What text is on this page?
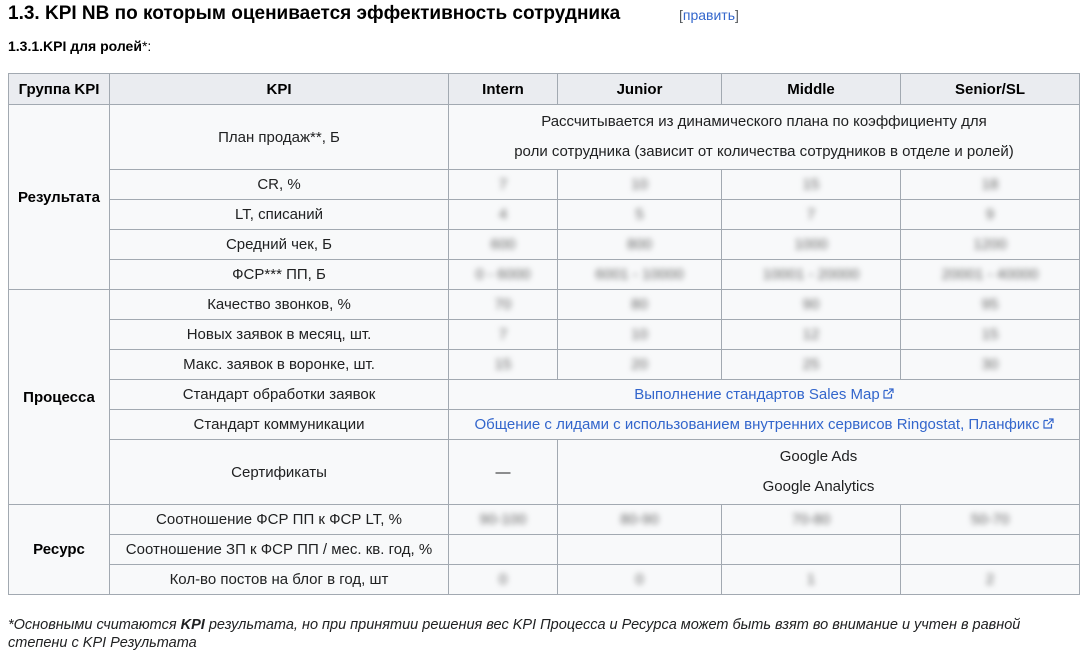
1.3. KPI NB по которым оценивается эффективность сотрудника	[править]
1.3.1.KPI для ролей*:
Группа KPI	KPI	Intern	Junior	Middle	Senior/SL
Результата	План продаж**, Б	Рассчитывается из динамического плана по коэффициенту для
роли сотрудника (зависит от количества сотрудников в отделе и ролей)			
	CR, %	7	10	15	18
	LT, списаний	4	5	7	9
	Средний чек, Б	600	800	1000	1200
	ФСР*** ПП, Б	0 - 6000	6001 - 10000	10001 - 20000	20001 - 40000
Процесса	Качество звонков, %	70	80	90	95
	Новых заявок в месяц, шт.	7	10	12	15
	Макс. заявок в воронке, шт.	15	20	25	30
	Стандарт обработки заявок	Выполнение стандартов Sales Map			

	Стандарт коммуникации	Общение с лидами с использованием внутренних сервисов Ringostat, Планфикс			

	Сертификаты	—	Google Ads
Google Analytics		
Ресурс	Соотношение ФСР ПП к ФСР LT, %	90-100	80-90	70-80	50-70
	Соотношение ЗП к ФСР ПП / мес. кв. год, %				
	Кол-во постов на блог в год, шт	0	0	1	2
*Основными считаются KPI результата, но при принятии решения вес KPI Процесса и Ресурса может быть взят во внимание и учтен в равной степени с KPI Результата
